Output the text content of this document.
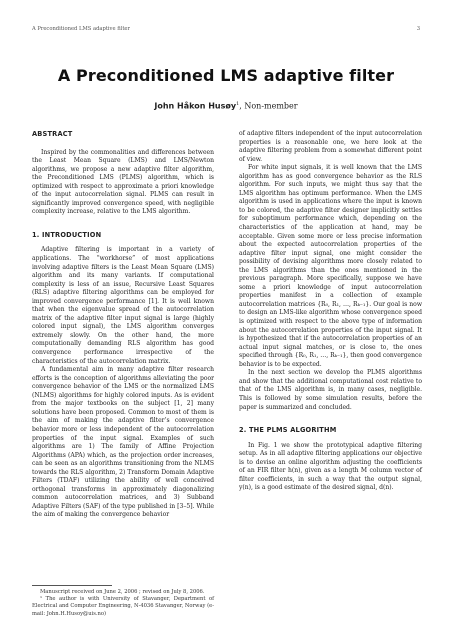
A Preconditioned LMS adaptive filter	3
A Preconditioned LMS adaptive filter
John Håkon Husøy$^1$, Non-member
ABSTRACT

Inspired by the commonalities and differences between the Least Mean Square (LMS) and LMS/Newton algorithms, we propose a new adaptive filter algorithm, the Preconditioned LMS (PLMS) algorithm, which is optimized with respect to approximate a priori knowledge of the input autocorrelation signal. PLMS can result in significantly improved convergence speed, with negligible complexity increase, relative to the LMS algorithm.

1. INTRODUCTION

Adaptive filtering is important in a variety of applications. The “workhorse” of most applications involving adaptive filters is the Least Mean Square (LMS) algorithm and its many variants. If computational complexity is less of an issue, Recursive Least Squares (RLS) adaptive filtering algorithms can be employed for improved convergence performance [1]. It is well known that when the eigenvalue spread of the autocorrelation matrix of the adaptive filter input signal is large (highly colored input signal), the LMS algorithm converges extremely slowly. On the other hand, the more computationally demanding RLS algorithm has good convergence performance irrespective of the characteristics of the autocorrelation matrix.

A fundamental aim in many adaptive filter research efforts is the conception of algorithms alleviating the poor convergence behavior of the LMS or the normalized LMS (NLMS) algorithms for highly colored inputs. As is evident from the major textbooks on the subject [1, 2] many solutions have been proposed. Common to most of them is the aim of making the adaptive filter’s convergence behavior more or less independent of the autocorrelation properties of the input signal. Examples of such algorithms are 1) The family of Affine Projection Algorithms (APA) which, as the projection order increases, can be seen as an algorithms transitioning from the NLMS towards the RLS algorithm, 2) Transform Domain Adaptive Filters (TDAF) utilizing the ability of well conceived orthogonal transforms in approximately diagonalizing common autocorrelation matrices, and 3) Subband Adaptive Filters (SAF) of the type published in [3–5]. While the aim of making the convergence behavior

of adaptive filters independent of the input autocorrelation properties is a reasonable one, we here look at the adaptive filtering problem from a somewhat different point of view.

For white input signals, it is well known that the LMS algorithm has as good convergence behavior as the RLS algorithm. For such inputs, we might thus say that the LMS algorithm has optimum performance. When the LMS algorithm is used in applications where the input is known to be colored, the adaptive filter designer implicitly settles for suboptimum performance which, depending on the characteristics of the application at hand, may be acceptable. Given some more or less precise information about the expected autocorrelation properties of the adaptive filter input signal, one might consider the possibility of devising algorithms more closely related to the LMS algorithms than the ones mentioned in the previous paragraph. More specifically, suppose we have some a priori knowledge of input autocorrelation properties manifest in a collection of example autocorrelation matrices {R₀, R₁, …, Rₖ₋₁}. Our goal is now to design an LMS-like algorithm whose convergence speed is optimized with respect to the above type of information about the autocorrelation properties of the input signal. It is hypothesized that if the autocorrelation properties of an actual input signal matches, or is close to, the ones specified through {R₀, R₁, …, Rₖ₋₁}, then good convergence behavior is to be expected.

In the next section we develop the PLMS algorithms and show that the additional computational cost relative to that of the LMS algorithm is, in many cases, negligible. This is followed by some simulation results, before the paper is summarized and concluded.

2. THE PLMS ALGORITHM

In Fig. 1 we show the prototypical adaptive filtering setup. As in all adaptive filtering applications our objective is to devise an online algorithm adjusting the coefficients of an FIR filter h(n), given as a length M column vector of filter coefficients, in such a way that the output signal, y(n), is a good estimate of the desired signal, d(n).

Manuscript received on June 2, 2006 ; revised on July 8, 2006.

¹ The author is with University of Stavanger, Department of Electrical and Computer Engineering, N-4036 Stavanger, Norway (e-mail: John.H.Husoy@uis.no)
